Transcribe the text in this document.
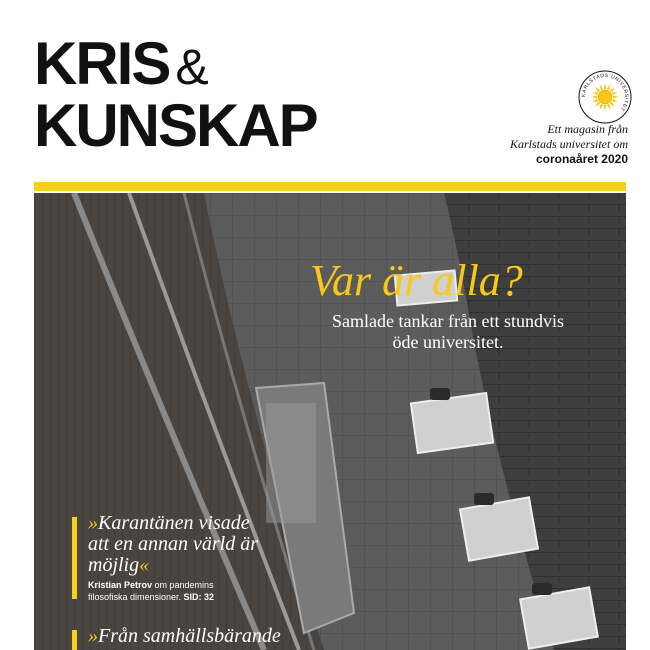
KRIS &
KUNSKAP	KARLSTADS UNIVERSITET
Ett magasin från
Karlstads universitet om
coronaåret 2020
Var är alla?
Samlade tankar från ett stundvis öde universitet.
»Karantänen visade att en annan värld är möjlig«
Kristian Petrov om pandemins filosofiska dimensioner. SID: 32
»Från samhällsbärande
